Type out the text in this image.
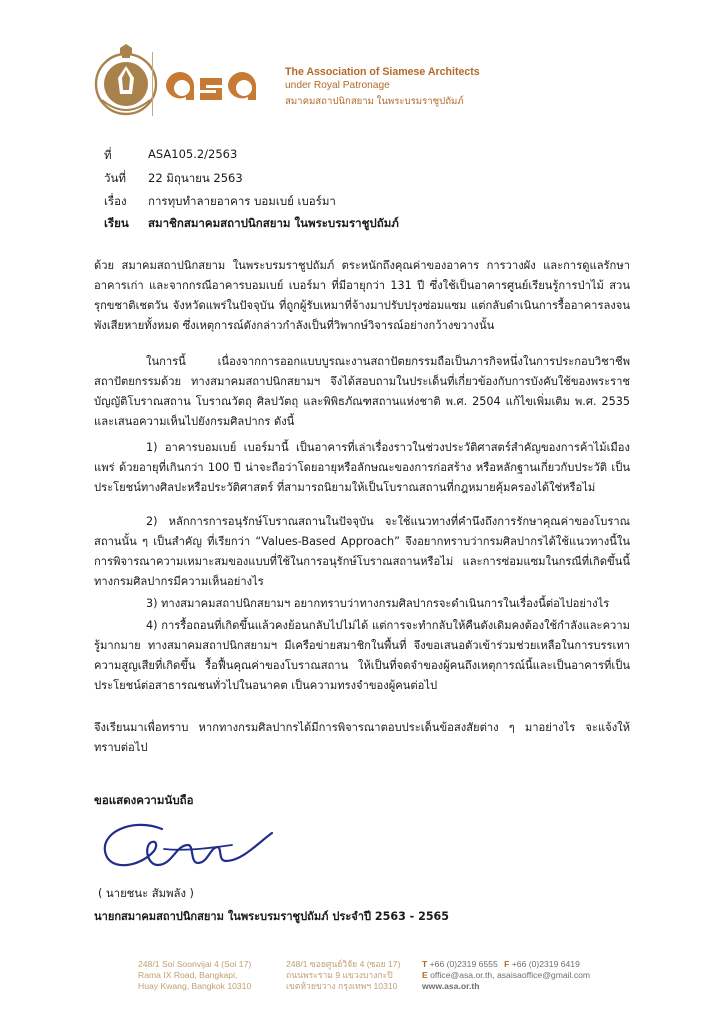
The Association of Siamese Architects
under Royal Patronage
สมาคมสถาปนิกสยาม ในพระบรมราชูปถัมภ์
ที่	ASA105.2/2563
วันที่ 22 มิถุนายน 2563
เรื่อง การทุบทำลายอาคาร บอมเบย์ เบอร์มา
เรียน สมาชิกสมาคมสถาปนิกสยาม ในพระบรมราชูปถัมภ์
ด้วย สมาคมสถาปนิกสยาม ในพระบรมราชูปถัมภ์ ตระหนักถึงคุณค่าของอาคาร การวางผัง และการดูแลรักษาอาคารเก่า และจากกรณีอาคารบอมเบย์ เบอร์มา ที่มีอายุกว่า 131 ปี ซึ่งใช้เป็นอาคารศูนย์เรียนรู้การป่าไม้ สวนรุกขชาติเชตวัน จังหวัดแพร่ในปัจจุบัน ที่ถูกผู้รับเหมาที่จ้างมาปรับปรุงซ่อมแซม แต่กลับดำเนินการรื้ออาคารลงจนพังเสียหายทั้งหมด ซึ่งเหตุการณ์ดังกล่าวกำลังเป็นที่วิพากษ์วิจารณ์อย่างกว้างขวางนั้น
ในการนี้ เนื่องจากการออกแบบบูรณะงานสถาปัตยกรรมถือเป็นภารกิจหนึ่งในการประกอบวิชาชีพสถาปัตยกรรมด้วย ทางสมาคมสถาปนิกสยามฯ จึงได้สอบถามในประเด็นที่เกี่ยวข้องกับการบังคับใช้ของพระราชบัญญัติโบราณสถาน โบราณวัตถุ ศิลปวัตถุ และพิพิธภัณฑสถานแห่งชาติ พ.ศ. 2504 แก้ไขเพิ่มเติม พ.ศ. 2535 และเสนอความเห็นไปยังกรมศิลปากร ดังนี้
1) อาคารบอมเบย์ เบอร์มานี้ เป็นอาคารที่เล่าเรื่องราวในช่วงประวัติศาสตร์สำคัญของการค้าไม้เมืองแพร่ ด้วยอายุที่เกินกว่า 100 ปี น่าจะถือว่าโดยอายุหรือลักษณะของการก่อสร้าง หรือหลักฐานเกี่ยวกับประวัติ เป็นประโยชน์ทางศิลปะหรือประวัติศาสตร์ ที่สามารถนิยามให้เป็นโบราณสถานที่กฎหมายคุ้มครองได้ใช่หรือไม่
2) หลักการการอนุรักษ์โบราณสถานในปัจจุบัน จะใช้แนวทางที่คำนึงถึงการรักษาคุณค่าของโบราณสถานนั้น ๆ เป็นสำคัญ ที่เรียกว่า “Values-Based Approach” จึงอยากทราบว่ากรมศิลปากรได้ใช้แนวทางนี้ในการพิจารณาความเหมาะสมของแบบที่ใช้ในการอนุรักษ์โบราณสถานหรือไม่ และการซ่อมแซมในกรณีที่เกิดขึ้นนี้ทางกรมศิลปากรมีความเห็นอย่างไร
3) ทางสมาคมสถาปนิกสยามฯ อยากทราบว่าทางกรมศิลปากรจะดำเนินการในเรื่องนี้ต่อไปอย่างไร
4) การรื้อถอนที่เกิดขึ้นแล้วคงย้อนกลับไปไม่ได้ แต่การจะทำกลับให้คืนดังเดิมคงต้องใช้กำลังและความรู้มากมาย ทางสมาคมสถาปนิกสยามฯ มีเครือข่ายสมาชิกในพื้นที่ จึงขอเสนอตัวเข้าร่วมช่วยเหลือในการบรรเทาความสูญเสียที่เกิดขึ้น รื้อฟื้นคุณค่าของโบราณสถาน ให้เป็นที่จดจำของผู้คนถึงเหตุการณ์นี้และเป็นอาคารที่เป็นประโยชน์ต่อสาธารณชนทั่วไปในอนาคต เป็นความทรงจำของผู้คนต่อไป
จึงเรียนมาเพื่อทราบ หากทางกรมศิลปากรได้มีการพิจารณาตอบประเด็นข้อสงสัยต่าง ๆ มาอย่างไร จะแจ้งให้ทราบต่อไป
ขอแสดงความนับถือ
( นายชนะ สัมพลัง )
นายกสมาคมสถาปนิกสยาม ในพระบรมราชูปถัมภ์ ประจำปี 2563 - 2565
248/1 Soi Soonvijai 4 (Soi 17)
Rama IX Road, Bangkapi,
Huay Kwang, Bangkok 10310
248/1 ซอยศูนย์วิจัย 4 (ซอย 17)
ถนนพระราม 9 แขวงบางกะปิ
เขตห้วยขวาง กรุงเทพฯ 10310
T +66 (0)2319 6555 F +66 (0)2319 6419
E office@asa.or.th, asaisaoffice@gmail.com
www.asa.or.th
